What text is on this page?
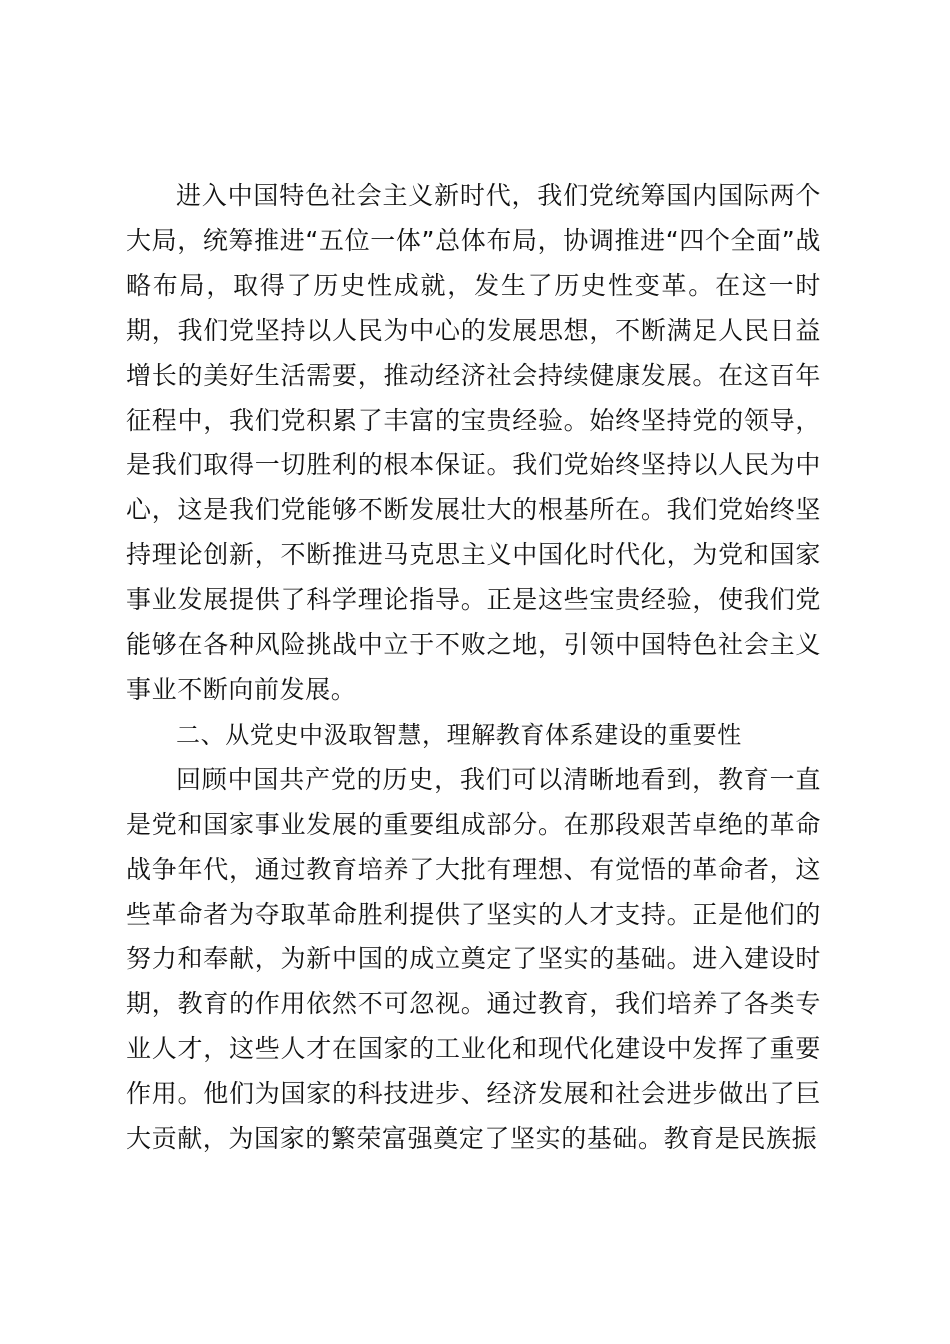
进入中国特色社会主义新时代，我们党统筹国内国际两个大局，统筹推进“五位一体”总体布局，协调推进“四个全面”战略布局，取得了历史性成就，发生了历史性变革。在这一时期，我们党坚持以人民为中心的发展思想，不断满足人民日益增长的美好生活需要，推动经济社会持续健康发展。在这百年征程中，我们党积累了丰富的宝贵经验。始终坚持党的领导，是我们取得一切胜利的根本保证。我们党始终坚持以人民为中心，这是我们党能够不断发展壮大的根基所在。我们党始终坚持理论创新，不断推进马克思主义中国化时代化，为党和国家事业发展提供了科学理论指导。正是这些宝贵经验，使我们党能够在各种风险挑战中立于不败之地，引领中国特色社会主义事业不断向前发展。

二、从党史中汲取智慧，理解教育体系建设的重要性

回顾中国共产党的历史，我们可以清晰地看到，教育一直是党和国家事业发展的重要组成部分。在那段艰苦卓绝的革命战争年代，通过教育培养了大批有理想、有觉悟的革命者，这些革命者为夺取革命胜利提供了坚实的人才支持。正是他们的努力和奉献，为新中国的成立奠定了坚实的基础。进入建设时期，教育的作用依然不可忽视。通过教育，我们培养了各类专业人才，这些人才在国家的工业化和现代化建设中发挥了重要作用。他们为国家的科技进步、经济发展和社会进步做出了巨大贡献，为国家的繁荣富强奠定了坚实的基础。教育是民族振
